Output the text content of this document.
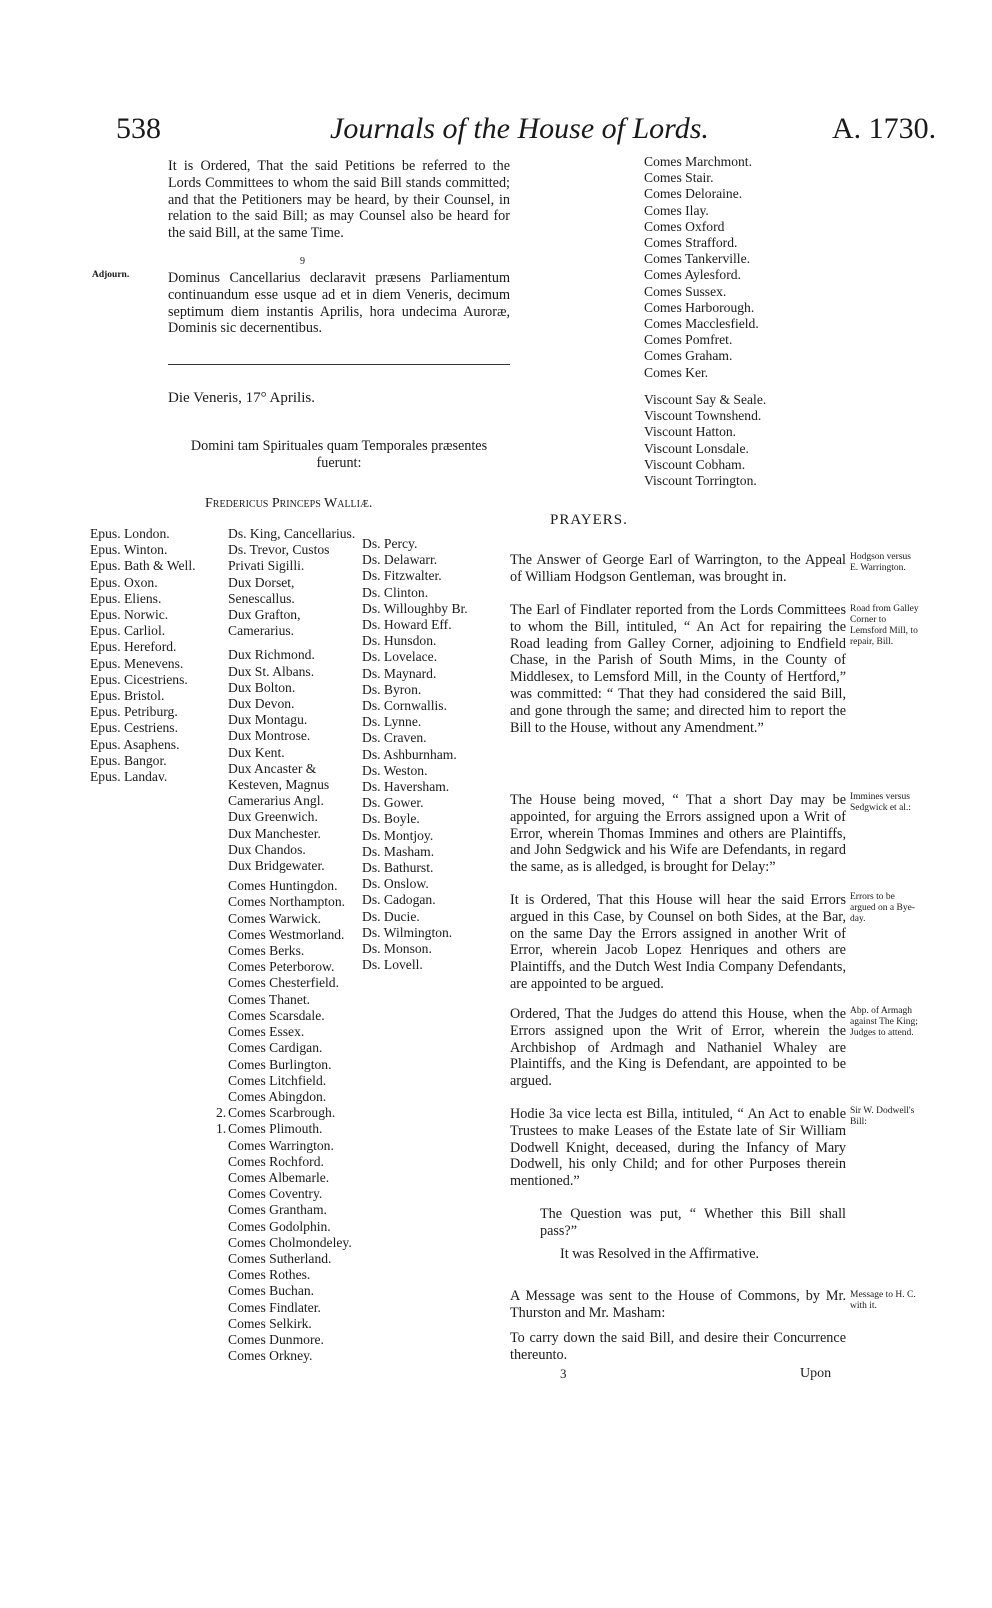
538	Journals of the House of Lords.	A. 1730.
It is Ordered, That the said Petitions be referred to the Lords Committees to whom the said Bill stands committed; and that the Petitioners may be heard, by their Counsel, in relation to the said Bill; as may Counsel also be heard for the said Bill, at the same Time.
9
Adjourn.	Dominus Cancellarius declaravit præsens Parliamentum continuandum esse usque ad et in diem Veneris, decimum septimum diem instantis Aprilis, hora undecima Auroræ, Dominis sic decernentibus.
Die Veneris, 17° Aprilis.
Domini tam Spirituales quam Temporales præsentes fuerunt:
Fredericus Princeps Walliæ.
Epus. London.
Epus. Winton.
Epus. Bath & Well.
Epus. Oxon.
Epus. Eliens.
Epus. Norwic.
Epus. Carliol.
Epus. Hereford.
Epus. Menevens.
Epus. Cicestriens.
Epus. Bristol.
Epus. Petriburg.
Epus. Cestriens.
Epus. Asaphens.
Epus. Bangor.
Epus. Landav.
Ds. King, Cancellarius.
Ds. Trevor, Custos Privati Sigilli.
Dux Dorset, Senescallus.
Dux Grafton, Camerarius.
Dux Richmond.
Dux St. Albans.
Dux Bolton.
Dux Devon.
Dux Montagu.
Dux Montrose.
Dux Kent.
Dux Ancaster & Kesteven, Magnus Camerarius Angl.
Dux Greenwich.
Dux Manchester.
Dux Chandos.
Dux Bridgewater.
Comes Huntingdon.
Comes Northampton.
Comes Warwick.
Comes Westmorland.
Comes Berks.
Comes Peterborow.
Comes Chesterfield.
Comes Thanet.
Comes Scarsdale.
Comes Essex.
Comes Cardigan.
Comes Burlington.
Comes Litchfield.
Comes Abingdon.
Comes Scarbrough.
2.
Comes Plimouth.
1.
Comes Warrington.
Comes Rochford.
Comes Albemarle.
Comes Coventry.
Comes Grantham.
Comes Godolphin.
Comes Cholmondeley.
Comes Sutherland.
Comes Rothes.
Comes Buchan.
Comes Findlater.
Comes Selkirk.
Comes Dunmore.
Comes Orkney.
Ds. Percy.
Ds. Delawarr.
Ds. Fitzwalter.
Ds. Clinton.
Ds. Willoughby Br.
Ds. Howard Eff.
Ds. Hunsdon.
Ds. Lovelace.
Ds. Maynard.
Ds. Byron.
Ds. Cornwallis.
Ds. Lynne.
Ds. Craven.
Ds. Ashburnham.
Ds. Weston.
Ds. Haversham.
Ds. Gower.
Ds. Boyle.
Ds. Montjoy.
Ds. Masham.
Ds. Bathurst.
Ds. Onslow.
Ds. Cadogan.
Ds. Ducie.
Ds. Wilmington.
Ds. Monson.
Ds. Lovell.
Comes Marchmont.
Comes Stair.
Comes Deloraine.
Comes Ilay.
Comes Oxford
Comes Strafford.
Comes Tankerville.
Comes Aylesford.
Comes Sussex.
Comes Harborough.
Comes Macclesfield.
Comes Pomfret.
Comes Graham.
Comes Ker.
Viscount Say & Seale.
Viscount Townshend.
Viscount Hatton.
Viscount Lonsdale.
Viscount Cobham.
Viscount Torrington.
PRAYERS.
The Answer of George Earl of Warrington, to the Appeal of William Hodgson Gentleman, was brought in.
Hodgson versus E. Warrington.
The Earl of Findlater reported from the Lords Committees to whom the Bill, intituled, “ An Act for repairing the Road leading from Galley Corner, adjoining to Endfield Chase, in the Parish of South Mims, in the County of Middlesex, to Lemsford Mill, in the County of Hertford,” was committed: “ That they had considered the said Bill, and gone through the same; and directed him to report the Bill to the House, without any Amendment.”
Road from Galley Corner to Lemsford Mill, to repair, Bill.
The House being moved, “ That a short Day may be appointed, for arguing the Errors assigned upon a Writ of Error, wherein Thomas Immines and others are Plaintiffs, and John Sedgwick and his Wife are Defendants, in regard the same, as is alledged, is brought for Delay:”
Immines versus Sedgwick et al.:
It is Ordered, That this House will hear the said Errors argued in this Case, by Counsel on both Sides, at the Bar, on the same Day the Errors assigned in another Writ of Error, wherein Jacob Lopez Henriques and others are Plaintiffs, and the Dutch West India Company Defendants, are appointed to be argued.
Errors to be argued on a Bye-day.
Ordered, That the Judges do attend this House, when the Errors assigned upon the Writ of Error, wherein the Archbishop of Ardmagh and Nathaniel Whaley are Plaintiffs, and the King is Defendant, are appointed to be argued.
Abp. of Armagh against The King; Judges to attend.
Hodie 3a vice lecta est Billa, intituled, “ An Act to enable Trustees to make Leases of the Estate late of Sir William Dodwell Knight, deceased, during the Infancy of Mary Dodwell, his only Child; and for other Purposes therein mentioned.”
Sir W. Dodwell's Bill:
The Question was put, “ Whether this Bill shall pass?”
It was Resolved in the Affirmative.
A Message was sent to the House of Commons, by Mr. Thurston and Mr. Masham:
Message to H. C. with it.
To carry down the said Bill, and desire their Concurrence thereunto.
3	Upon
